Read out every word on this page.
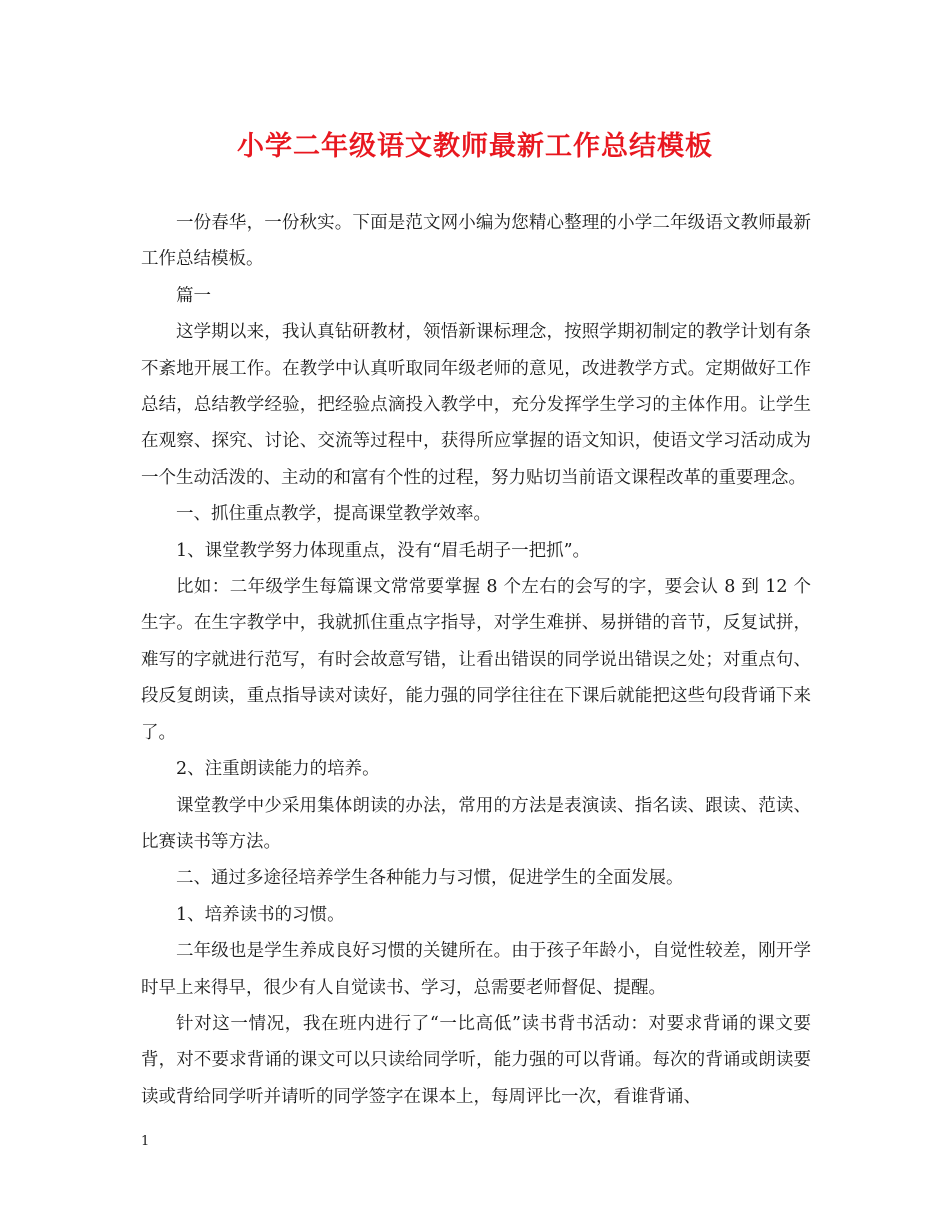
小学二年级语文教师最新工作总结模板

一份春华，一份秋实。下面是范文网小编为您精心整理的小学二年级语文教师最新工作总结模板。

篇一

这学期以来，我认真钻研教材，领悟新课标理念，按照学期初制定的教学计划有条不紊地开展工作。在教学中认真听取同年级老师的意见，改进教学方式。定期做好工作总结，总结教学经验，把经验点滴投入教学中，充分发挥学生学习的主体作用。让学生在观察、探究、讨论、交流等过程中，获得所应掌握的语文知识，使语文学习活动成为一个生动活泼的、主动的和富有个性的过程，努力贴切当前语文课程改革的重要理念。

一、抓住重点教学，提高课堂教学效率。

1、课堂教学努力体现重点，没有“眉毛胡子一把抓”。

比如：二年级学生每篇课文常常要掌握 8 个左右的会写的字，要会认 8 到 12 个生字。在生字教学中，我就抓住重点字指导，对学生难拼、易拼错的音节，反复试拼，难写的字就进行范写，有时会故意写错，让看出错误的同学说出错误之处；对重点句、段反复朗读，重点指导读对读好，能力强的同学往往在下课后就能把这些句段背诵下来了。

2、注重朗读能力的培养。

课堂教学中少采用集体朗读的办法，常用的方法是表演读、指名读、跟读、范读、比赛读书等方法。

二、通过多途径培养学生各种能力与习惯，促进学生的全面发展。

1、培养读书的习惯。

二年级也是学生养成良好习惯的关键所在。由于孩子年龄小，自觉性较差，刚开学时早上来得早，很少有人自觉读书、学习，总需要老师督促、提醒。

针对这一情况，我在班内进行了“一比高低”读书背书活动：对要求背诵的课文要背，对不要求背诵的课文可以只读给同学听，能力强的可以背诵。每次的背诵或朗读要读或背给同学听并请听的同学签字在课本上，每周评比一次，看谁背诵、

1
